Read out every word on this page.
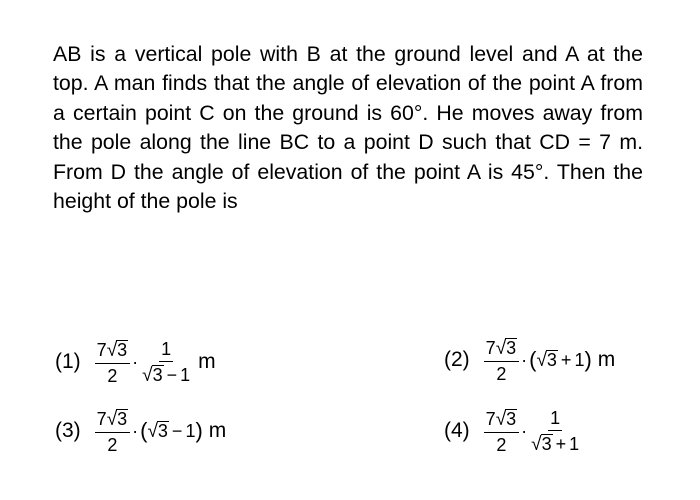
AB is a vertical pole with B at the ground level and A at the top. A man finds that the angle of elevation of the point A from a certain point C on the ground is 60°. He moves away from the pole along the line BC to a point D such that CD = 7 m. From D the angle of elevation of the point A is 45°. Then the height of the pole is
$(1) \frac{7 √ 3}{2} \cdot \frac{1}{√ 3 - 1}$ m	$(2) \frac{7 √ 3}{2}$ · ( √ 3 + 1 ) m
$(3) \frac{7 √ 3}{2}$ · ( √ 3 − 1 ) m	$(4) \frac{7 √ 3}{2} \cdot \frac{1}{√ 3 + 1}$
